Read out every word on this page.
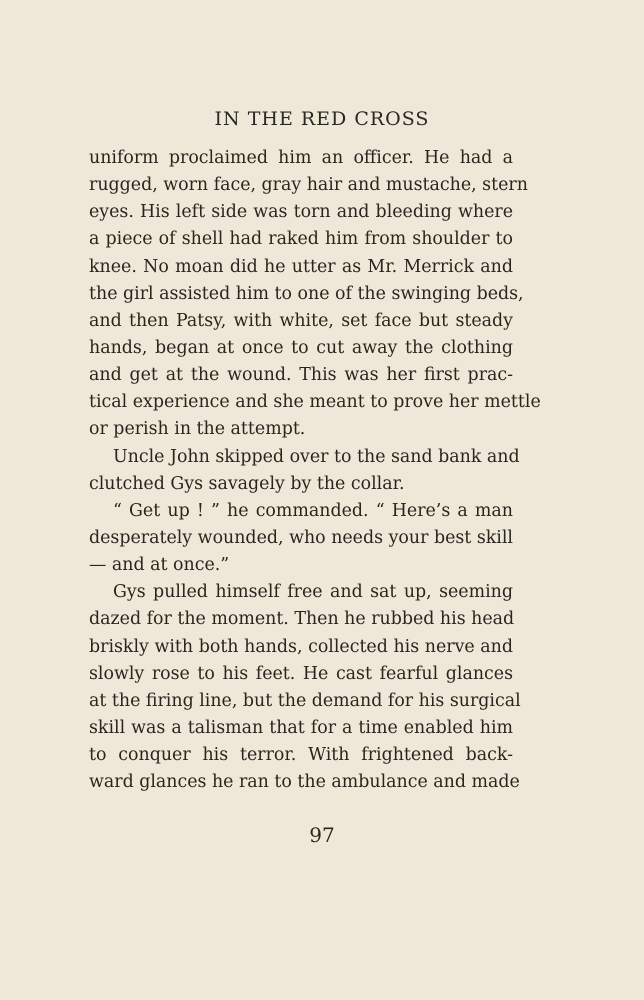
IN THE RED CROSS
uniform proclaimed him an officer. He had a
rugged, worn face, gray hair and mustache, stern
eyes. His left side was torn and bleeding where
a piece of shell had raked him from shoulder to
knee. No moan did he utter as Mr. Merrick and
the girl assisted him to one of the swinging beds,
and then Patsy, with white, set face but steady
hands, began at once to cut away the clothing
and get at the wound. This was her first prac-
tical experience and she meant to prove her mettle
or perish in the attempt.
Uncle John skipped over to the sand bank and
clutched Gys savagely by the collar.
“ Get up ! ” he commanded. “ Here’s a man
desperately wounded, who needs your best skill
— and at once.”
Gys pulled himself free and sat up, seeming
dazed for the moment. Then he rubbed his head
briskly with both hands, collected his nerve and
slowly rose to his feet. He cast fearful glances
at the firing line, but the demand for his surgical
skill was a talisman that for a time enabled him
to conquer his terror. With frightened back-
ward glances he ran to the ambulance and made
97
